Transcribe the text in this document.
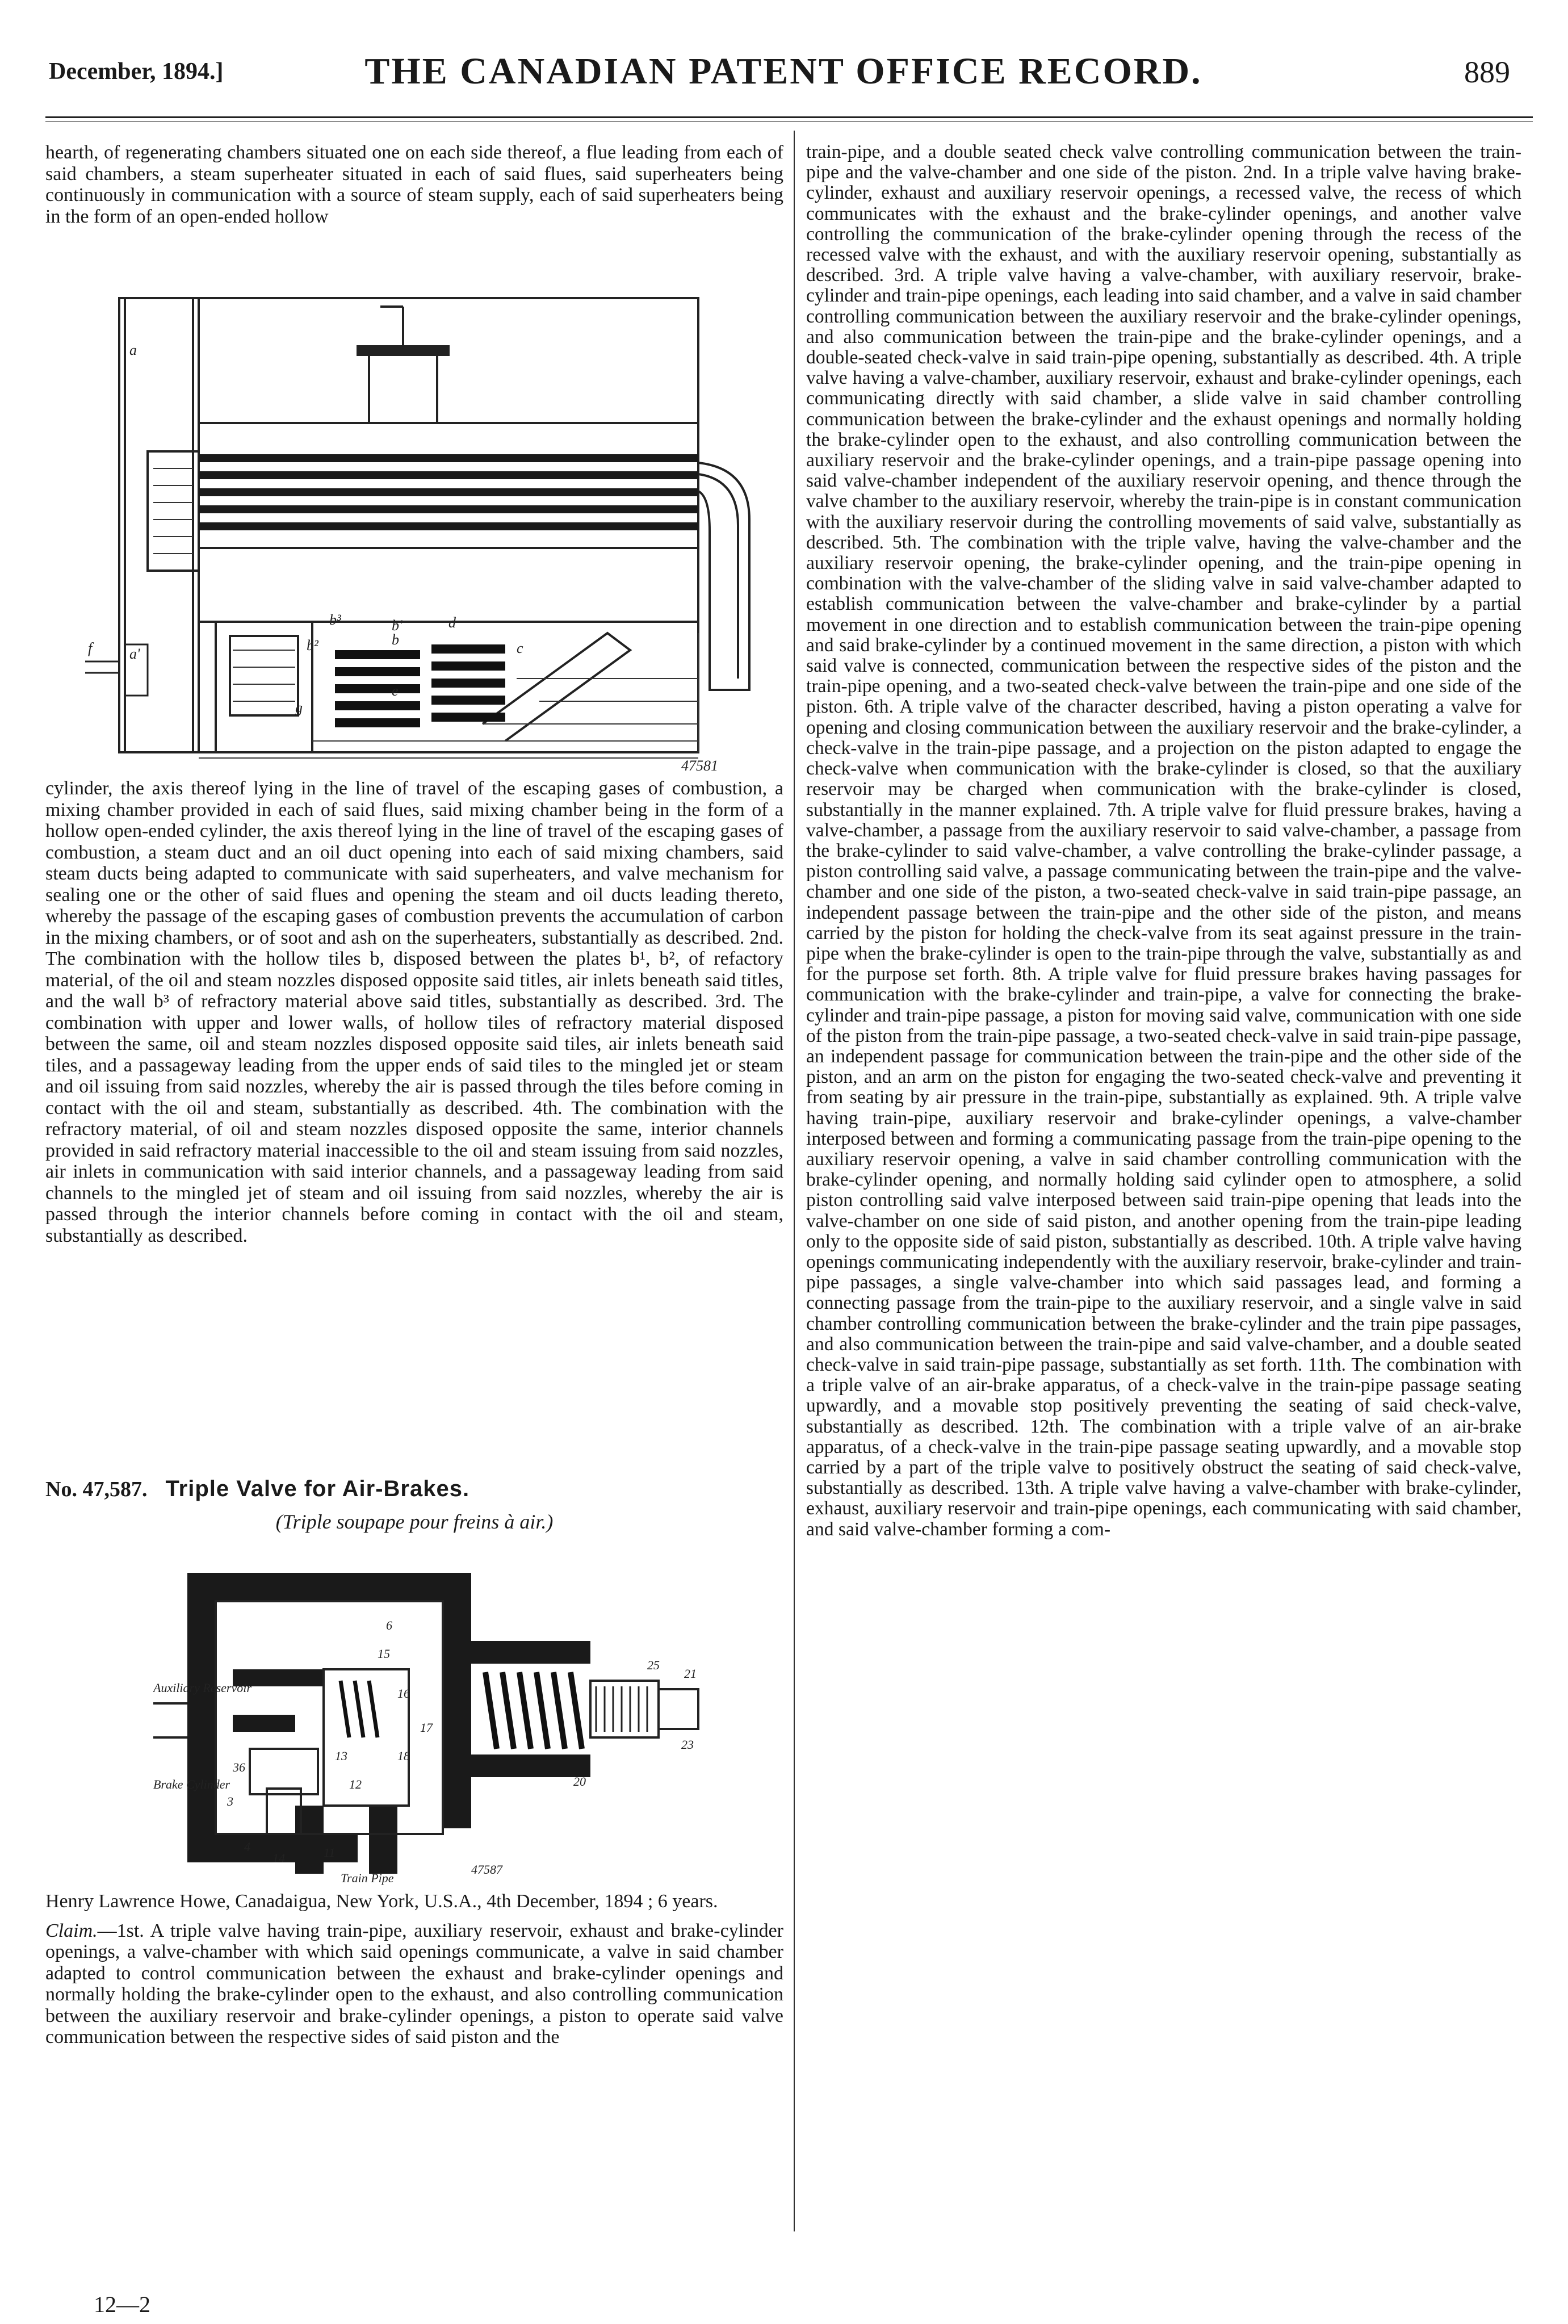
December, 1894.]	THE CANADIAN PATENT OFFICE RECORD.	889

hearth, of regenerating chambers situated one on each side thereof, a flue leading from each of said chambers, a steam superheater situated in each of said flues, said superheaters being continuously in communication with a source of steam supply, each of said superheaters being in the form of an open-ended hollow

a
a'
b
b'
b²
b³
c
d
f
g
e
47581

cylinder, the axis thereof lying in the line of travel of the escaping gases of combustion, a mixing chamber provided in each of said flues, said mixing chamber being in the form of a hollow open-ended cylinder, the axis thereof lying in the line of travel of the escaping gases of combustion, a steam duct and an oil duct opening into each of said mixing chambers, said steam ducts being adapted to communicate with said superheaters, and valve mechanism for sealing one or the other of said flues and opening the steam and oil ducts leading thereto, whereby the passage of the escaping gases of combustion prevents the accumulation of carbon in the mixing chambers, or of soot and ash on the superheaters, substantially as described. 2nd. The combination with the hollow tiles b, disposed between the plates b¹, b², of refactory material, of the oil and steam nozzles disposed opposite said titles, air inlets beneath said titles, and the wall b³ of refractory material above said titles, substantially as described. 3rd. The combination with upper and lower walls, of hollow tiles of refractory material disposed between the same, oil and steam nozzles disposed opposite said tiles, air inlets beneath said tiles, and a passageway leading from the upper ends of said tiles to the mingled jet or steam and oil issuing from said nozzles, whereby the air is passed through the tiles before coming in contact with the oil and steam, substantially as described. 4th. The combination with the refractory material, of oil and steam nozzles disposed opposite the same, interior channels provided in said refractory material inaccessible to the oil and steam issuing from said nozzles, air inlets in communication with said interior channels, and a passageway leading from said channels to the mingled jet of steam and oil issuing from said nozzles, whereby the air is passed through the interior channels before coming in contact with the oil and steam, substantially as described.

No. 47,587. Triple Valve for Air-Brakes.
(Triple soupape pour freins à air.)
Auxiliary Reservoir
Brake Cylinder
Train Pipe
6
15
16
17
18
20
21
23
25
36
3
4	11
12
13
14
47587

Henry Lawrence Howe, Canadaigua, New York, U.S.A., 4th December, 1894 ; 6 years.

Claim.—1st. A triple valve having train-pipe, auxiliary reservoir, exhaust and brake-cylinder openings, a valve-chamber with which said openings communicate, a valve in said chamber adapted to control communication between the exhaust and brake-cylinder openings and normally holding the brake-cylinder open to the exhaust, and also controlling communication between the auxiliary reservoir and brake-cylinder openings, a piston to operate said valve communication between the respective sides of said piston and the

12—2

train-pipe, and a double seated check valve controlling communication between the train-pipe and the valve-chamber and one side of the piston. 2nd. In a triple valve having brake-cylinder, exhaust and auxiliary reservoir openings, a recessed valve, the recess of which communicates with the exhaust and the brake-cylinder openings, and another valve controlling the communication of the brake-cylinder opening through the recess of the recessed valve with the exhaust, and with the auxiliary reservoir opening, substantially as described. 3rd. A triple valve having a valve-chamber, with auxiliary reservoir, brake-cylinder and train-pipe openings, each leading into said chamber, and a valve in said chamber controlling communication between the auxiliary reservoir and the brake-cylinder openings, and also communication between the train-pipe and the brake-cylinder openings, and a double-seated check-valve in said train-pipe opening, substantially as described. 4th. A triple valve having a valve-chamber, auxiliary reservoir, exhaust and brake-cylinder openings, each communicating directly with said chamber, a slide valve in said chamber controlling communication between the brake-cylinder and the exhaust openings and normally holding the brake-cylinder open to the exhaust, and also controlling communication between the auxiliary reservoir and the brake-cylinder openings, and a train-pipe passage opening into said valve-chamber independent of the auxiliary reservoir opening, and thence through the valve chamber to the auxiliary reservoir, whereby the train-pipe is in constant communication with the auxiliary reservoir during the controlling movements of said valve, substantially as described. 5th. The combination with the triple valve, having the valve-chamber and the auxiliary reservoir opening, the brake-cylinder opening, and the train-pipe opening in combination with the valve-chamber of the sliding valve in said valve-chamber adapted to establish communication between the valve-chamber and brake-cylinder by a partial movement in one direction and to establish communication between the train-pipe opening and said brake-cylinder by a continued movement in the same direction, a piston with which said valve is connected, communication between the respective sides of the piston and the train-pipe opening, and a two-seated check-valve between the train-pipe and one side of the piston. 6th. A triple valve of the character described, having a piston operating a valve for opening and closing communication between the auxiliary reservoir and the brake-cylinder, a check-valve in the train-pipe passage, and a projection on the piston adapted to engage the check-valve when communication with the brake-cylinder is closed, so that the auxiliary reservoir may be charged when communication with the brake-cylinder is closed, substantially in the manner explained. 7th. A triple valve for fluid pressure brakes, having a valve-chamber, a passage from the auxiliary reservoir to said valve-chamber, a passage from the brake-cylinder to said valve-chamber, a valve controlling the brake-cylinder passage, a piston controlling said valve, a passage communicating between the train-pipe and the valve-chamber and one side of the piston, a two-seated check-valve in said train-pipe passage, an independent passage between the train-pipe and the other side of the piston, and means carried by the piston for holding the check-valve from its seat against pressure in the train-pipe when the brake-cylinder is open to the train-pipe through the valve, substantially as and for the purpose set forth. 8th. A triple valve for fluid pressure brakes having passages for communication with the brake-cylinder and train-pipe, a valve for connecting the brake-cylinder and train-pipe passage, a piston for moving said valve, communication with one side of the piston from the train-pipe passage, a two-seated check-valve in said train-pipe passage, an independent passage for communication between the train-pipe and the other side of the piston, and an arm on the piston for engaging the two-seated check-valve and preventing it from seating by air pressure in the train-pipe, substantially as explained. 9th. A triple valve having train-pipe, auxiliary reservoir and brake-cylinder openings, a valve-chamber interposed between and forming a communicating passage from the train-pipe opening to the auxiliary reservoir opening, a valve in said chamber controlling communication with the brake-cylinder opening, and normally holding said cylinder open to atmosphere, a solid piston controlling said valve interposed between said train-pipe opening that leads into the valve-chamber on one side of said piston, and another opening from the train-pipe leading only to the opposite side of said piston, substantially as described. 10th. A triple valve having openings communicating independently with the auxiliary reservoir, brake-cylinder and train-pipe passages, a single valve-chamber into which said passages lead, and forming a connecting passage from the train-pipe to the auxiliary reservoir, and a single valve in said chamber controlling communication between the brake-cylinder and the train pipe passages, and also communication between the train-pipe and said valve-chamber, and a double seated check-valve in said train-pipe passage, substantially as set forth. 11th. The combination with a triple valve of an air-brake apparatus, of a check-valve in the train-pipe passage seating upwardly, and a movable stop positively preventing the seating of said check-valve, substantially as described. 12th. The combination with a triple valve of an air-brake apparatus, of a check-valve in the train-pipe passage seating upwardly, and a movable stop carried by a part of the triple valve to positively obstruct the seating of said check-valve, substantially as described. 13th. A triple valve having a valve-chamber with brake-cylinder, exhaust, auxiliary reservoir and train-pipe openings, each communicating with said chamber, and said valve-chamber forming a com-
